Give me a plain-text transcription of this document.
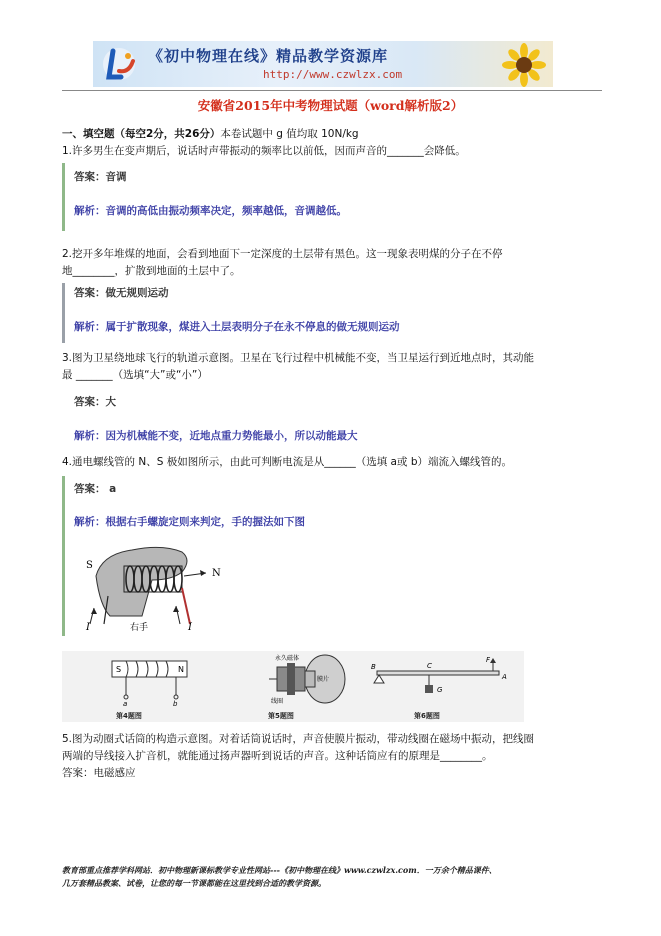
《初中物理在线》精品教学资源库
http://www.czwlzx.com
安徽省2015年中考物理试题（word解析版2）
一、填空题（每空2分，共26分）本卷试题中 g 值均取 10N/kg
1.许多男生在变声期后，说话时声带振动的频率比以前低，因而声音的_______会降低。
答案：音调
解析：音调的高低由振动频率决定，频率越低，音调越低。
2.挖开多年堆煤的地面，会看到地面下一定深度的土层带有黑色。这一现象表明煤的分子在不停
地________，扩散到地面的土层中了。
答案：做无规则运动
解析：属于扩散现象，煤进入土层表明分子在永不停息的做无规则运动
3.图为卫星绕地球飞行的轨道示意图。卫星在飞行过程中机械能不变，当卫星运行到近地点时，其动能
最 _______（选填“大”或“小”）
答案：大
解析：因为机械能不变，近地点重力势能最小，所以动能最大
4.通电螺线管的 N、S 极如图所示，由此可判断电流是从______（选填 a或 b）端流入螺线管的。
答案： a
解析：根据右手螺旋定则来判定，手的握法如下图
N
S
I	I
右手
S	N
a	b
第4题图
永久磁体
线圈
膜片
第5题图
B	C
F
G
A
第6题图
5.图为动圈式话筒的构造示意图。对着话筒说话时，声音使膜片振动，带动线圈在磁场中振动，把线圈
两端的导线接入扩音机，就能通过扬声器听到说话的声音。这种话筒应有的原理是________。
答案：电磁感应
教育部重点推荐学科网站．初中物理新课标教学专业性网站---《初中物理在线》www.czwlzx.com．一万余个精品课件、
几万套精品教案、试卷，让您的每一节课都能在这里找到合适的教学资源。
